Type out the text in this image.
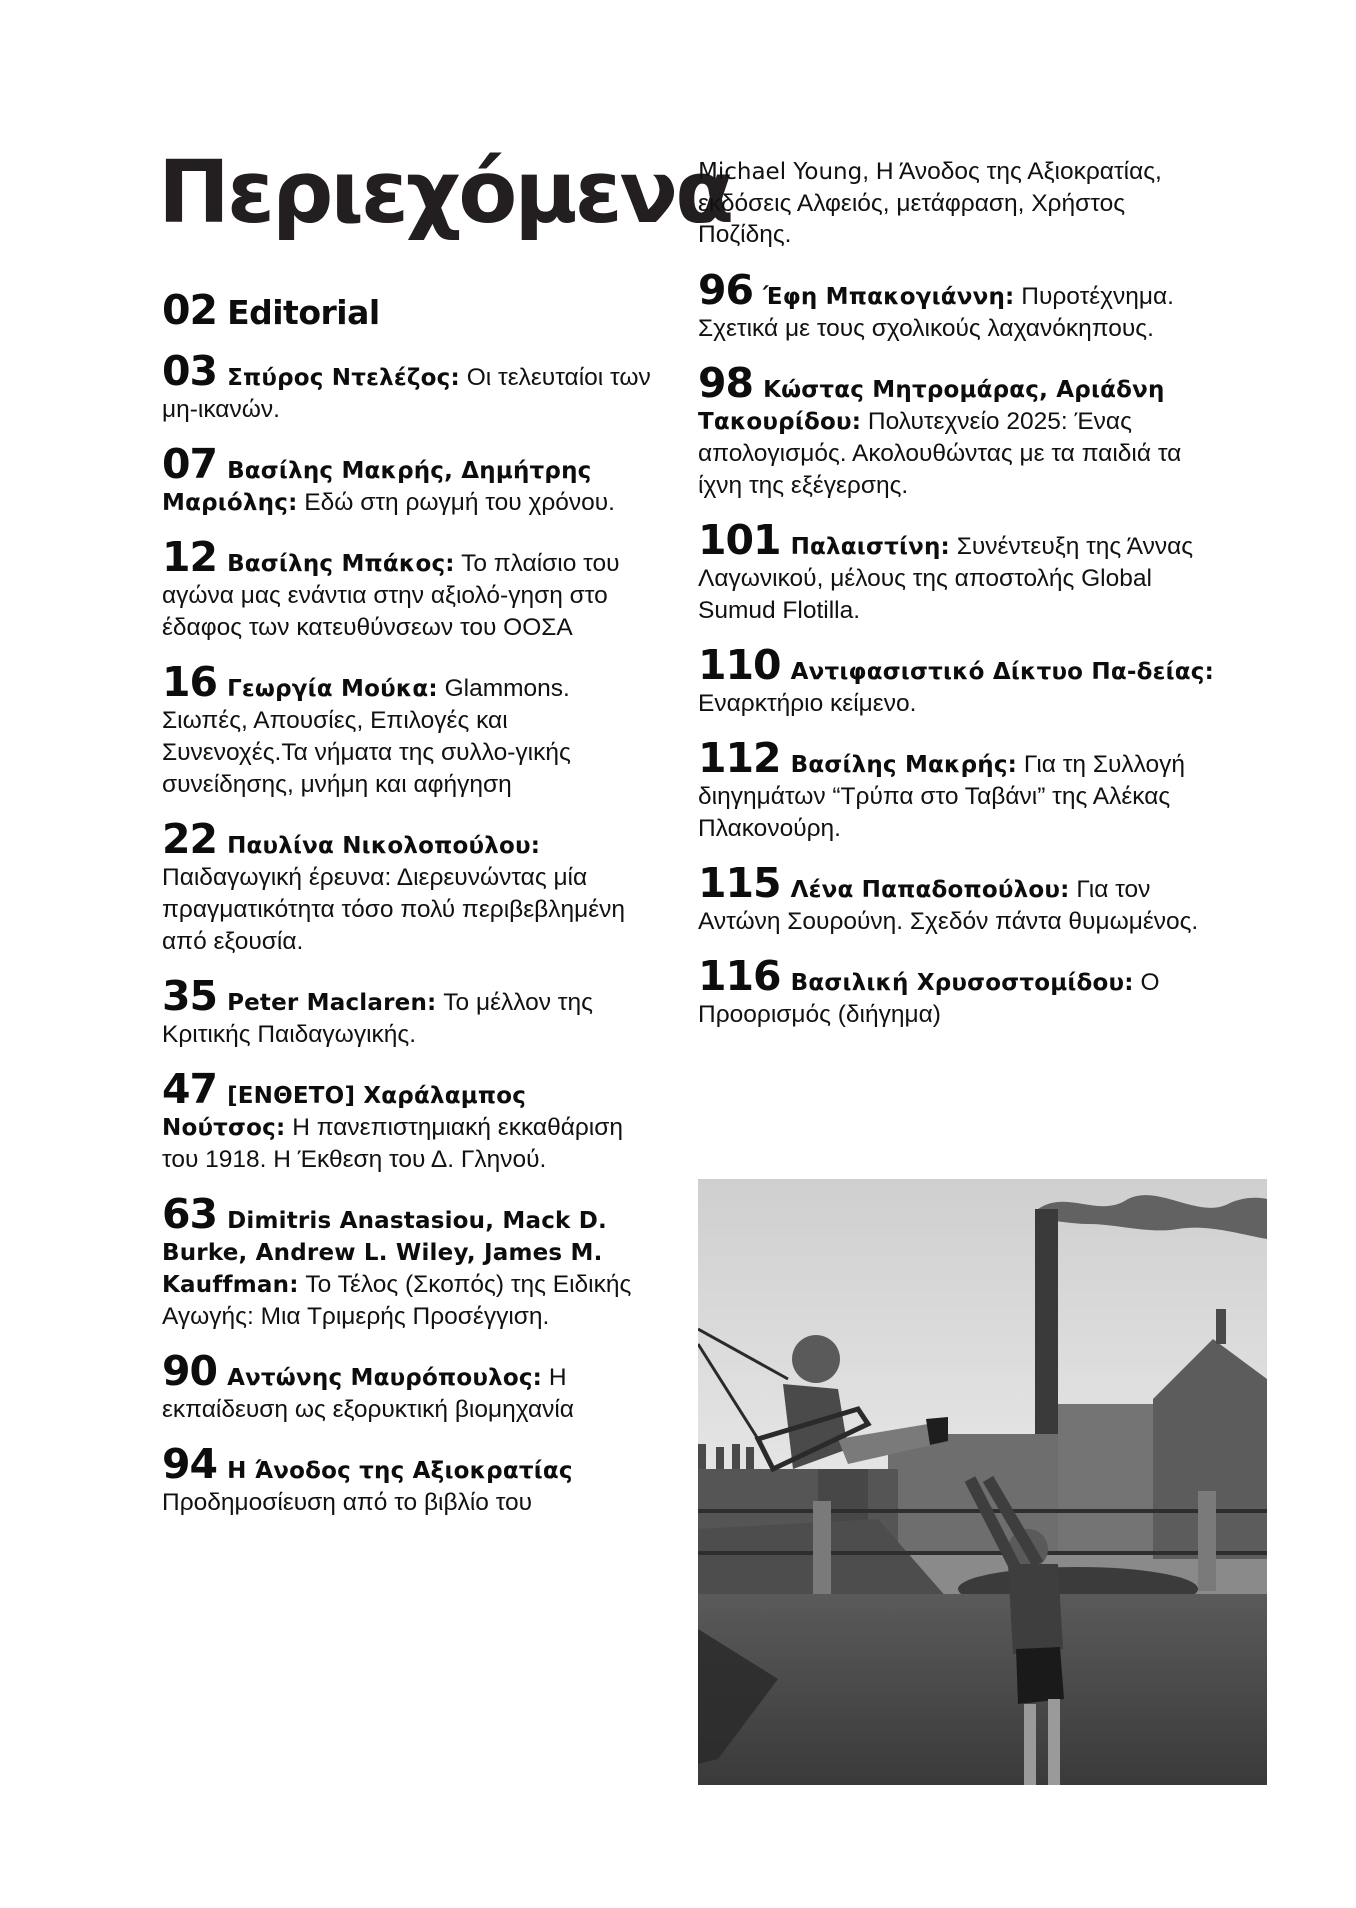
Περιεχόμενα

02 Editorial

03 Σπύρος Ντελέζος: Οι τελευταίοι των μη-ικανών.

07 Βασίλης Μακρής, Δημήτρης Μαριόλης: Εδώ στη ρωγμή του χρόνου.

12 Βασίλης Μπάκος: Το πλαίσιο του αγώνα μας ενάντια στην αξιολό-γηση στο έδαφος των κατευθύνσεων του ΟΟΣΑ

16 Γεωργία Μούκα: Glammons. Σιωπές, Απουσίες, Επιλογές και Συνενοχές.Τα νήματα της συλλο-γικής συνείδησης, μνήμη και αφήγηση

22 Παυλίνα Νικολοπούλου: Παιδαγωγική έρευνα: Διερευνώντας μία πραγματικότητα τόσο πολύ περιβεβλημένη από εξουσία.

35 Peter Maclaren: Το μέλλον της Κριτικής Παιδαγωγικής.

47 [ΕΝΘΕΤΟ] Χαράλαμπος Νούτσος: Η πανεπιστημιακή εκκαθάριση του 1918. Η Έκθεση του Δ. Γληνού.

63 Dimitris Anastasiou, Mack D. Burke, Andrew L. Wiley, James M. Kauffman: Το Τέλος (Σκοπός) της Ειδικής Αγωγής: Μια Τριμερής Προσέγγιση.

90 Αντώνης Μαυρόπουλος: Η εκπαίδευση ως εξορυκτική βιομηχανία

94 Η Άνοδος της Αξιοκρατίας Προδημοσίευση από το βιβλίο του

Michael Young, Η Άνοδος της Αξιοκρατίας, εκδόσεις Αλφειός, μετάφραση, Χρήστος Ποζίδης.

96 Έφη Μπακογιάννη: Πυροτέχνημα. Σχετικά με τους σχολικούς λαχανόκηπους.

98 Κώστας Μητρομάρας, Αριάδνη Τακουρίδου: Πολυτεχνείο 2025: Ένας απολογισμός. Ακολουθώντας με τα παιδιά τα ίχνη της εξέγερσης.

101 Παλαιστίνη: Συνέντευξη της Άννας Λαγωνικού, μέλους της αποστολής Global Sumud Flotilla.

110 Αντιφασιστικό Δίκτυο Πα-δείας: Εναρκτήριο κείμενο.

112 Βασίλης Μακρής: Για τη Συλλογή διηγημάτων “Τρύπα στο Ταβάνι” της Αλέκας Πλακονούρη.

115 Λένα Παπαδοπούλου: Για τον Αντώνη Σουρούνη. Σχεδόν πάντα θυμωμένος.

116 Βασιλική Χρυσοστομίδου: Ο Προορισμός (διήγημα)
